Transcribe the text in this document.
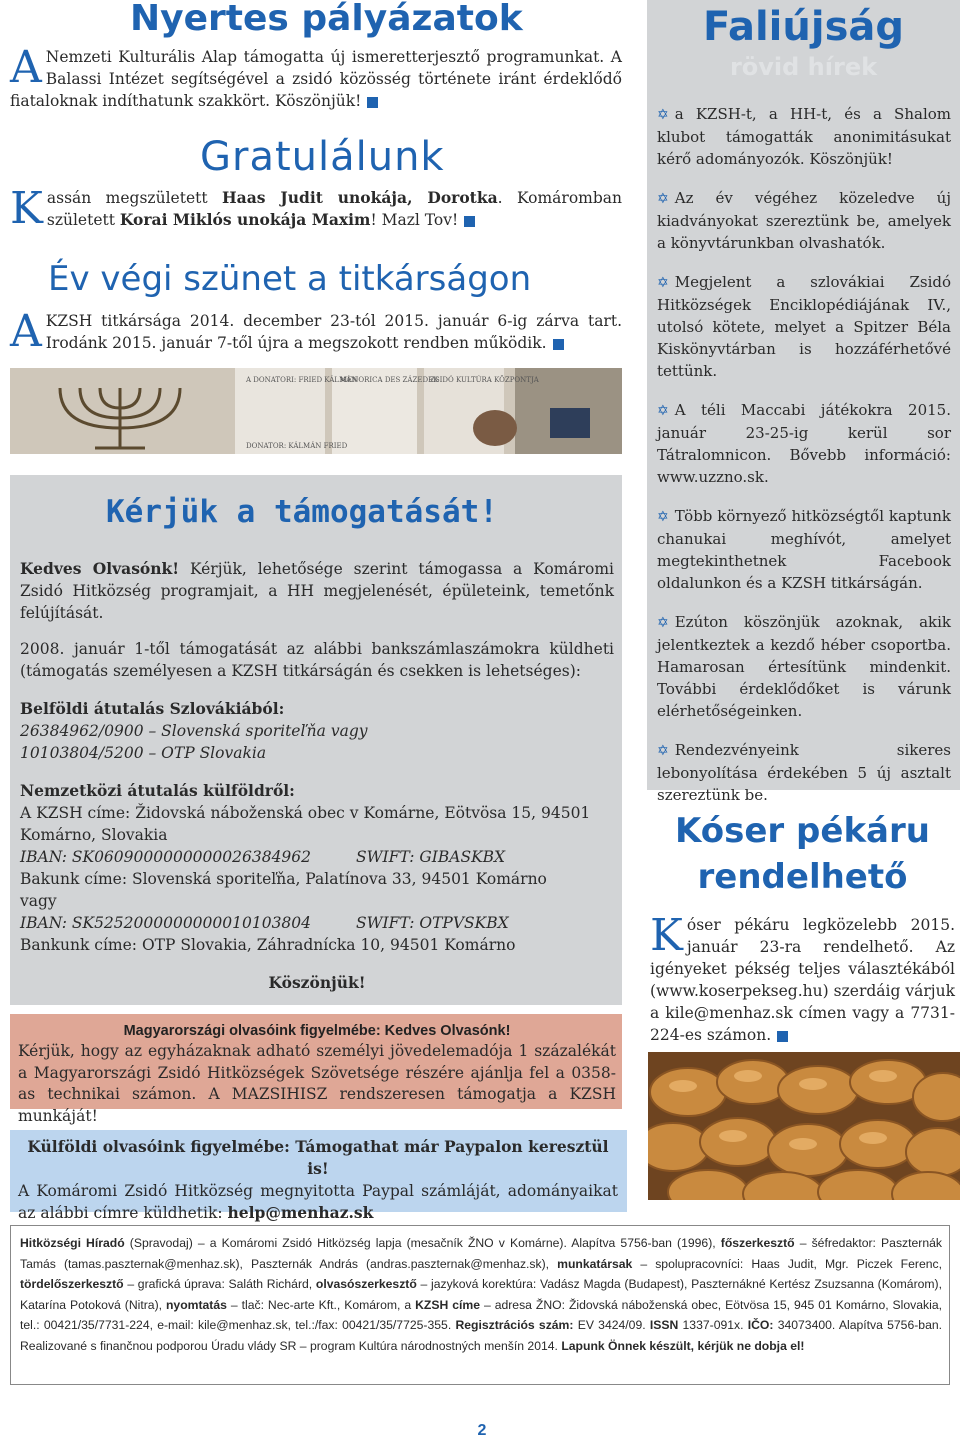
Nyertes pályázatok
A Nemzeti Kulturális Alap támogatta új ismeretterjesztő programunkat. A Balassi Intézet segítségével a zsidó közösség története iránt érdeklődő fiataloknak indíthatunk szakkört. Köszönjük!
Gratulálunk
Kassán megszületett Haas Judit unokája, Dorotka. Komáromban született Korai Miklós unokája Maxim! Mazl Tov!
Év végi szünet a titkárságon
AKZSH titkársága 2014. december 23-tól 2015. január 6-ig zárva tart. Irodánk 2015. január 7-től újra a megszokott rendben működik.
A DONATORI: FRIED KÁLMÁN
DONATOR: KÁLMÁN FRIED
MENORICA DES ZÁZEDEK
ZSIDÓ KULTÚRA KÖZPONTJA
Faliújság
rövid hírek
✡ a KZSH-t, a HH-t, és a Shalom klubot támogatták anonimitásukat kérő adományozók. Köszönjük!
✡ Az év végéhez közeledve új kiadványokat szereztünk be, amelyek a könyvtárunkban olvashatók.
✡ Megjelent a szlovákiai Zsidó Hitközségek Enciklopédiájának IV., utolsó kötete, melyet a Spitzer Béla Kiskönyvtárban is hozzáférhetővé tettünk.
✡ A téli Maccabi játékokra 2015. január 23-25-ig kerül sor Tátralomnicon. Bővebb információ: www.uzzno.sk.
✡ Több környező hitközségtől kaptunk chanukai meghívót, amelyet megtekinthetnek Facebook oldalunkon és a KZSH titkárságán.
✡ Ezúton köszönjük azoknak, akik jelentkeztek a kezdő héber csoportba. Hamarosan értesítünk mindenkit. További érdeklődőket is várunk elérhetőségeinken.
✡ Rendezvényeink sikeres lebonyolítása érdekében 5 új asztalt szereztünk be.
Kóser pékáru
rendelhető
Kóser pékáru legközelebb 2015. január 23-ra rendelhető. Az igényeket pékség teljes választékából (www.koserpekseg.hu) szerdáig várjuk a kile@menhaz.sk címen vagy a 7731-224-es számon.
Kérjük a támogatását!
Kedves Olvasónk! Kérjük, lehetősége szerint támogassa a Komáromi Zsidó Hitközség programjait, a HH megjelenését, épületeink, temetőnk felújítását.
2008. január 1-től támogatását az alábbi bankszámlaszámokra küldheti (támogatás személyesen a KZSH titkárságán és csekken is lehetséges):
Belföldi átutalás Szlovákiából:
26384962/0900 – Slovenská sporiteľňa vagy
10103804/5200 – OTP Slovakia
Nemzetközi átutalás külföldről:
A KZSH címe: Židovská náboženská obec v Komárne, Eötvösa 15, 94501 Komárno, Slovakia
IBAN: SK0609000000000026384962	SWIFT: GIBASKBX
Bakunk címe: Slovenská sporiteľňa, Palatínova 33, 94501 Komárno
vagy
IBAN: SK5252000000000010103804	SWIFT: OTPVSKBX
Bankunk címe: OTP Slovakia, Záhradnícka 10, 94501 Komárno
Köszönjük!
Magyarországi olvasóink figyelmébe: Kedves Olvasónk!
Kérjük, hogy az egyházaknak adható személyi jövedelemadója 1 százalékát a Magyarországi Zsidó Hitközségek Szövetsége részére ajánlja fel a 0358-as technikai számon. A MAZSIHISZ rendszeresen támogatja a KZSH munkáját!
Külföldi olvasóink figyelmébe: Támogathat már Paypalon keresztül is!
A Komáromi Zsidó Hitközség megnyitotta Paypal számláját, adományaikat az alábbi címre küldhetik: help@menhaz.sk
Hitközségi Híradó (Spravodaj) – a Komáromi Zsidó Hitközség lapja (mesačník ŽNO v Komárne). Alapítva 5756-ban (1996), főszerkesztő – šéfredaktor: Paszternák Tamás (tamas.paszternak@menhaz.sk), Paszternák András (andras.paszternak@menhaz.sk), munkatársak – spolupracovníci: Haas Judit, Mgr. Piczek Ferenc, tördelőszerkesztő – grafická úprava: Saláth Richárd, olvasószerkesztő – jazyková korektúra: Vadász Magda (Budapest), Paszternákné Kertész Zsuzsanna (Komárom), Katarína Potoková (Nitra), nyomtatás – tlač: Nec-arte Kft., Komárom, a KZSH címe – adresa ŽNO: Židovská náboženská obec, Eötvösa 15, 945 01 Komárno, Slovakia, tel.: 00421/35/7731-224, e-mail: kile@menhaz.sk, tel.:/fax: 00421/35/7725-355. Regisztrációs szám: EV 3424/09. ISSN 1337-091x. IČO: 34073400. Alapítva 5756-ban. Realizované s finančnou podporou Úradu vlády SR – program Kultúra národnostných menšín 2014. Lapunk Önnek készült, kérjük ne dobja el!
2
